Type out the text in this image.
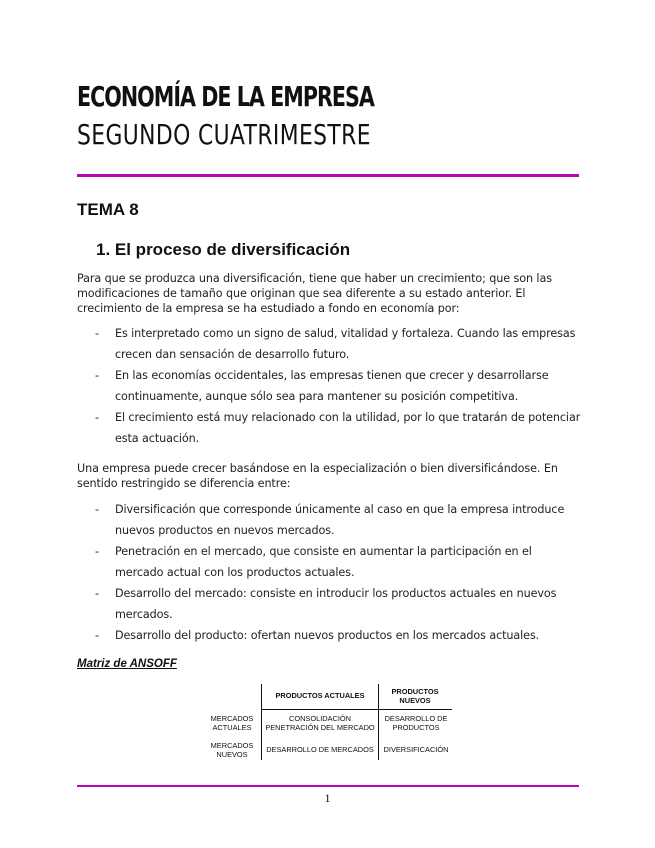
ECONOMÍA DE LA EMPRESA
SEGUNDO CUATRIMESTRE
TEMA 8
1. El proceso de diversificación
Para que se produzca una diversificación, tiene que haber un crecimiento; que son las modificaciones de tamaño que originan que sea diferente a su estado anterior. El crecimiento de la empresa se ha estudiado a fondo en economía por:
- Es interpretado como un signo de salud, vitalidad y fortaleza. Cuando las empresas crecen dan sensación de desarrollo futuro.
- En las economías occidentales, las empresas tienen que crecer y desarrollarse continuamente, aunque sólo sea para mantener su posición competitiva.
- El crecimiento está muy relacionado con la utilidad, por lo que tratarán de potenciar esta actuación.
Una empresa puede crecer basándose en la especialización o bien diversificándose. En sentido restringido se diferencia entre:
- Diversificación que corresponde únicamente al caso en que la empresa introduce nuevos productos en nuevos mercados.
- Penetración en el mercado, que consiste en aumentar la participación en el mercado actual con los productos actuales.
- Desarrollo del mercado: consiste en introducir los productos actuales en nuevos mercados.
- Desarrollo del producto: ofertan nuevos productos en los mercados actuales.
Matriz de ANSOFF
PRODUCTOS ACTUALES	PRODUCTOS NUEVOS
MERCADOS ACTUALES
MERCADOS NUEVOS
CONSOLIDACIÓN PENETRACIÓN DEL MERCADO
DESARROLLO DE PRODUCTOS
DESARROLLO DE MERCADOS	DIVERSIFICACIÓN
1
